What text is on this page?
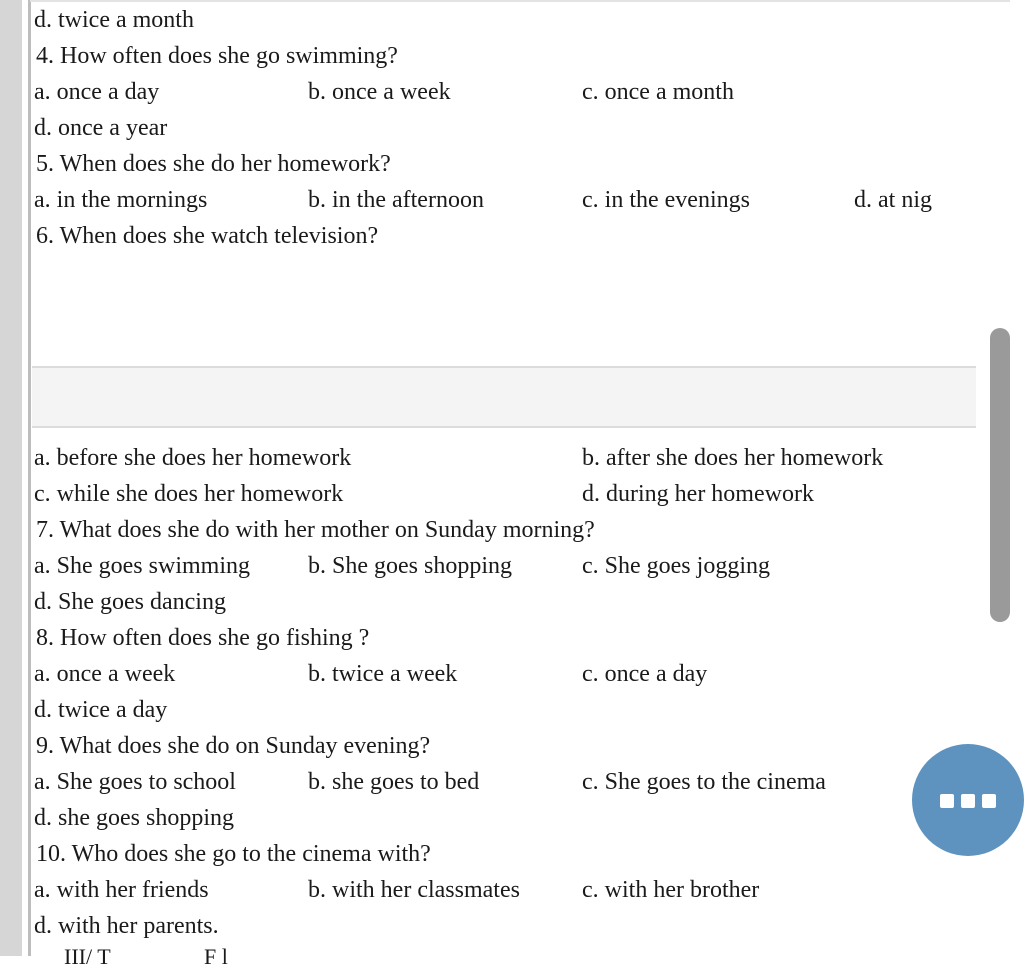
d. twice a month
4. How often does she go swimming?
a. once a day	b. once a week	c. once a month
d. once a year
5. When does she do her homework?
a. in the mornings	b. in the afternoon	c. in the evenings	d. at nig
6. When does she watch television?
a. before she does her homework	b. after she does her homework
c. while she does her homework	d. during her homework
7. What does she do with her mother on Sunday morning?
a. She goes swimming b. She goes shopping	c. She goes jogging
d. She goes dancing
8. How often does she go fishing ?
a. once a week	b. twice a week	c. once a day
d. twice a day
9. What does she do on Sunday evening?
a. She goes to school	b. she goes to bed	c. She goes to the cinema
d. she goes shopping
10. Who does she go to the cinema with?
a. with her friends	b. with her classmates	c. with her brother
d. with her parents.
III/ T	F l
